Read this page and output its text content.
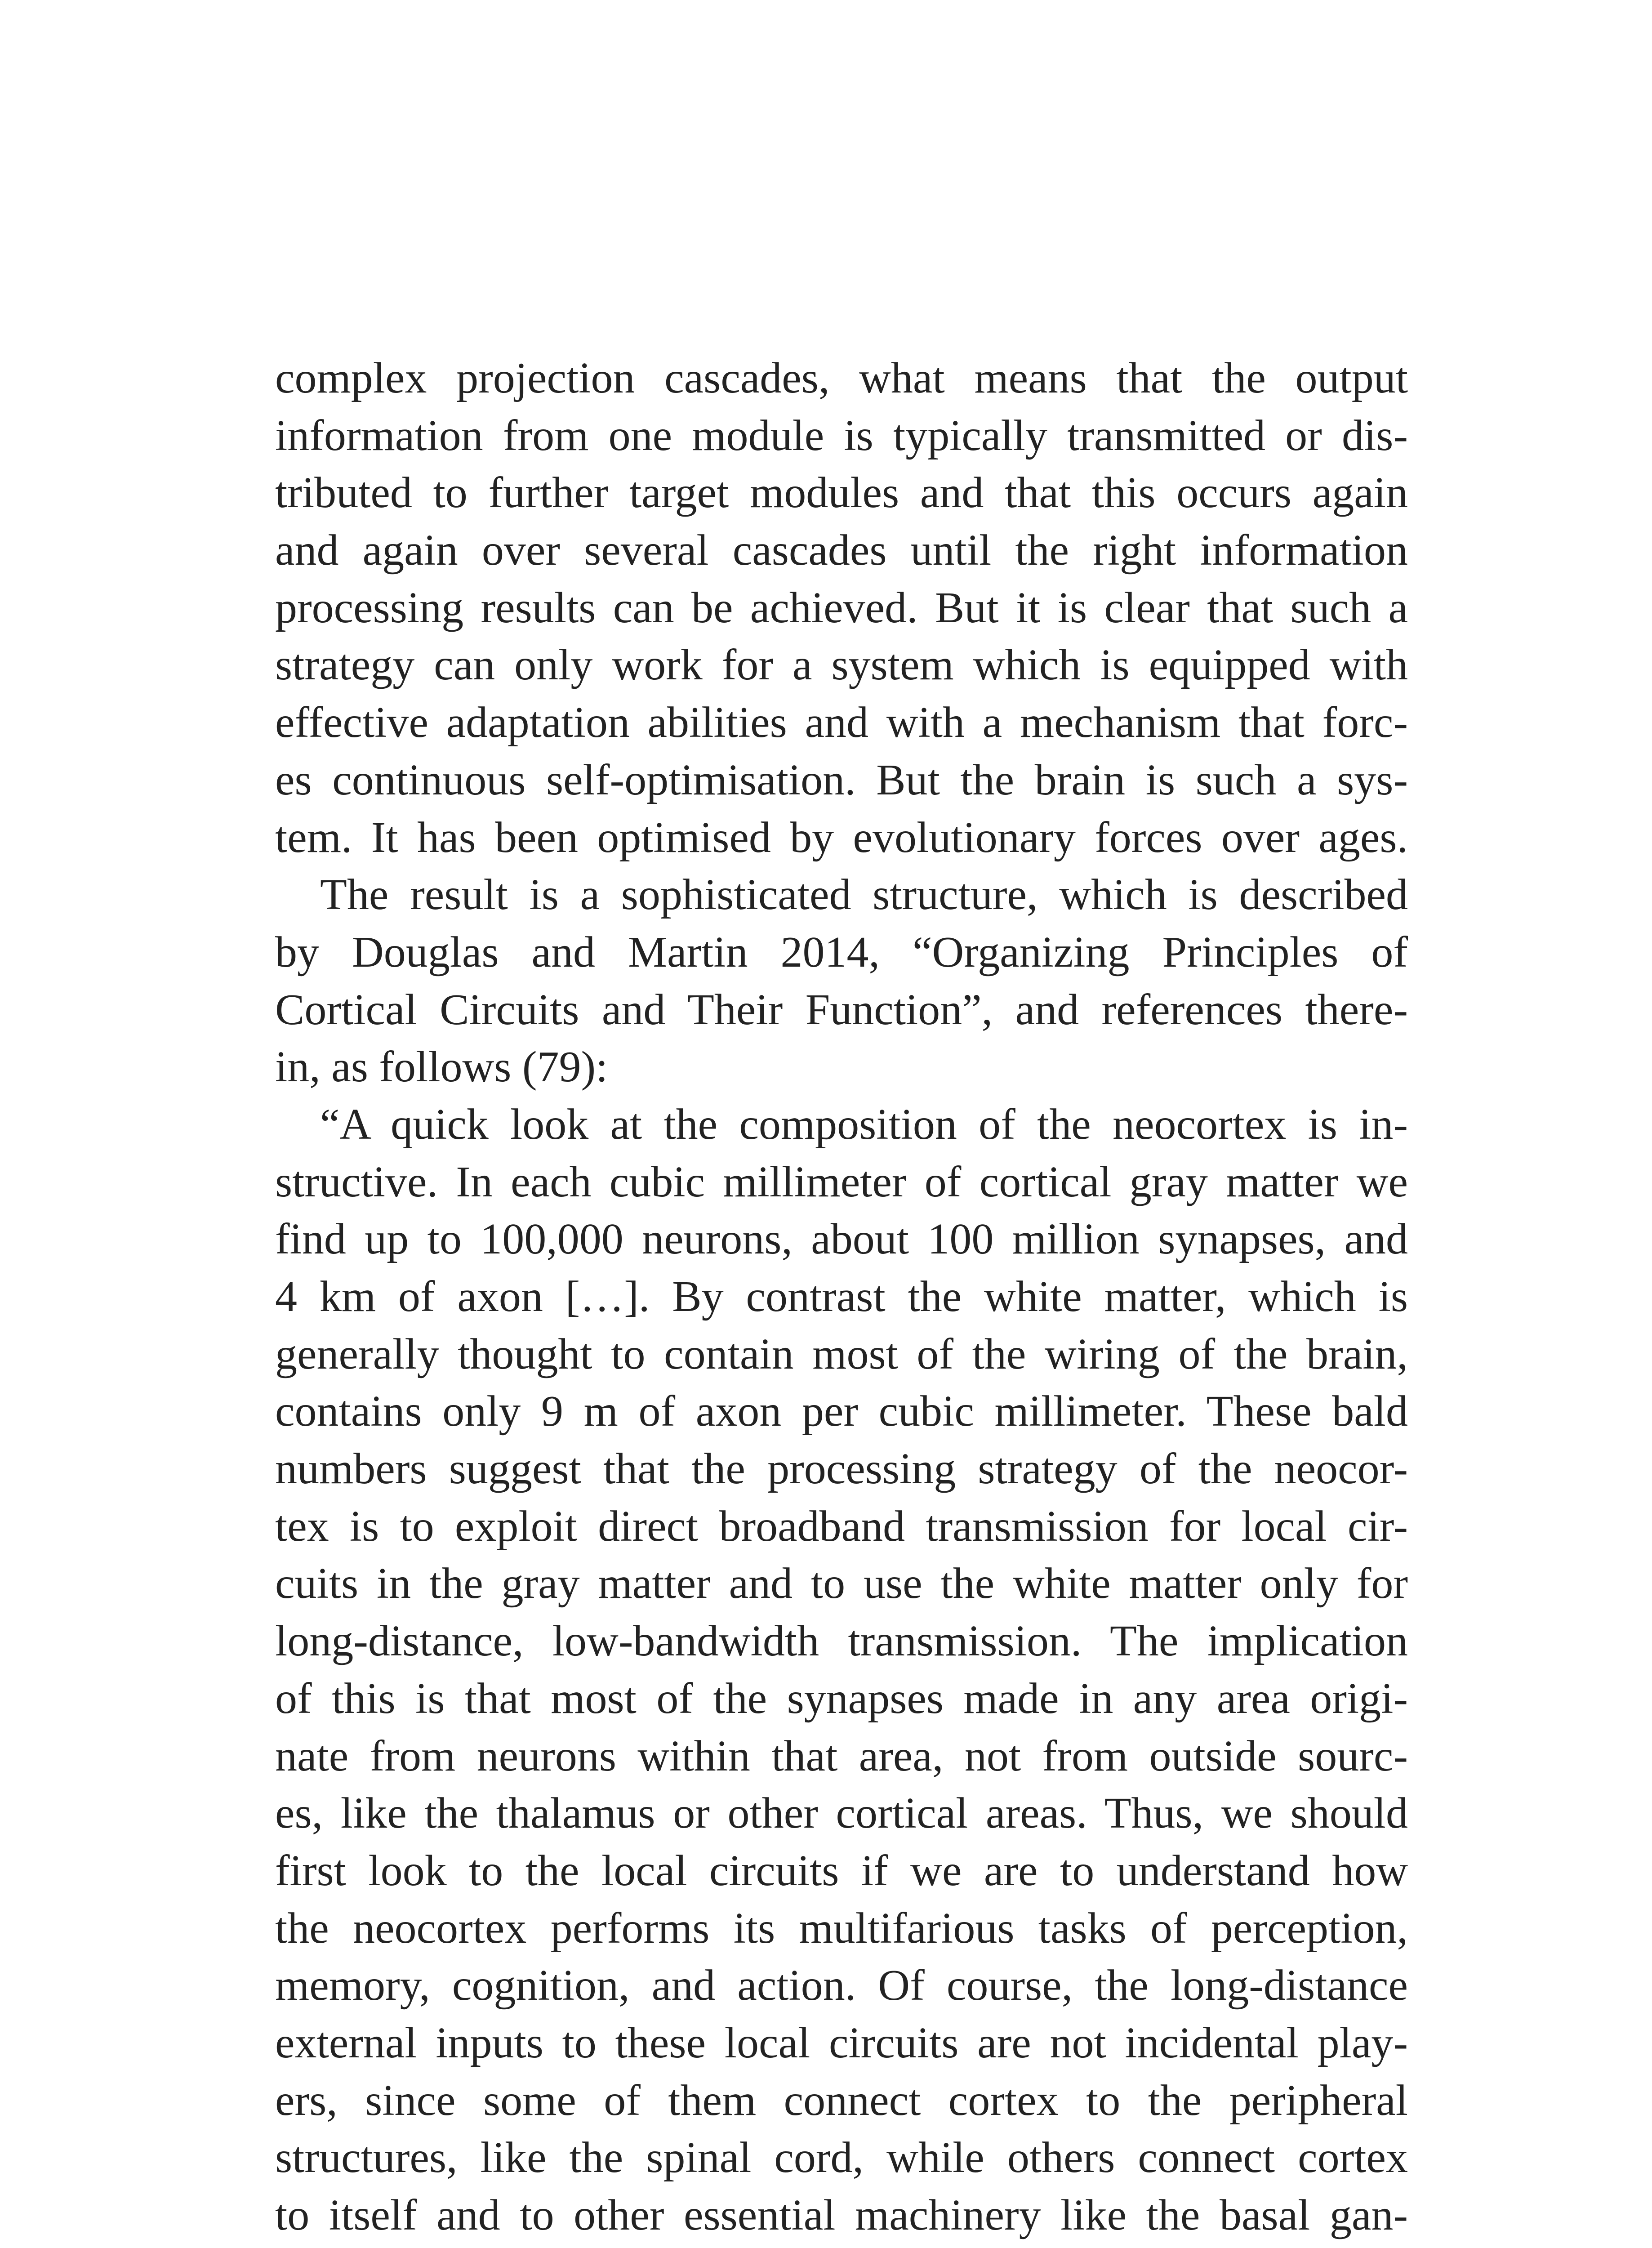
complex projection cascades, what means that the output
information from one module is typically transmitted or dis-
tributed to further target modules and that this occurs again
and again over several cascades until the right information
processing results can be achieved. But it is clear that such a
strategy can only work for a system which is equipped with
effective adaptation abilities and with a mechanism that forc-
es continuous self-optimisation. But the brain is such a sys-
tem. It has been optimised by evolutionary forces over ages.
The result is a sophisticated structure, which is described
by Douglas and Martin 2014, “Organizing Principles of
Cortical Circuits and Their Function”, and references there-
in, as follows (79):
“A quick look at the composition of the neocortex is in-
structive. In each cubic millimeter of cortical gray matter we
find up to 100,000 neurons, about 100 million synapses, and
4 km of axon […]. By contrast the white matter, which is
generally thought to contain most of the wiring of the brain,
contains only 9 m of axon per cubic millimeter. These bald
numbers suggest that the processing strategy of the neocor-
tex is to exploit direct broadband transmission for local cir-
cuits in the gray matter and to use the white matter only for
long-distance, low-bandwidth transmission. The implication
of this is that most of the synapses made in any area origi-
nate from neurons within that area, not from outside sourc-
es, like the thalamus or other cortical areas. Thus, we should
first look to the local circuits if we are to understand how
the neocortex performs its multifarious tasks of perception,
memory, cognition, and action. Of course, the long-distance
external inputs to these local circuits are not incidental play-
ers, since some of them connect cortex to the peripheral
structures, like the spinal cord, while others connect cortex
to itself and to other essential machinery like the basal gan-
